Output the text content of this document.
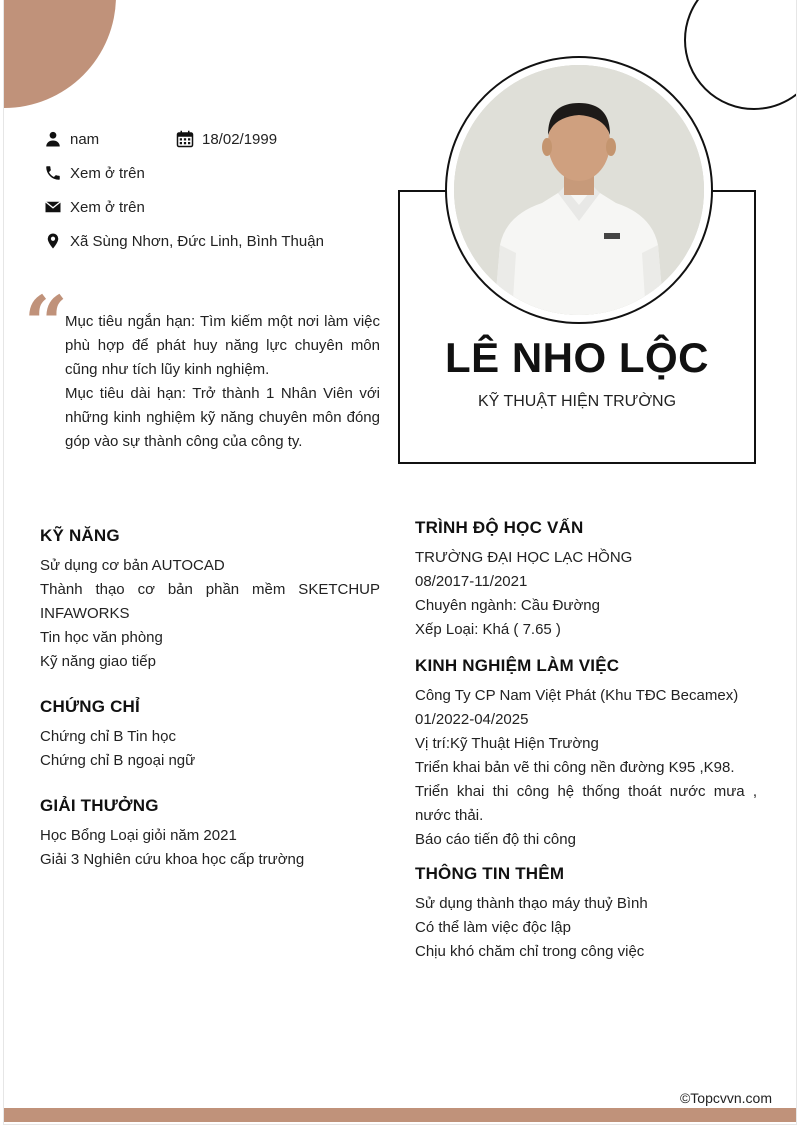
nam	18/02/1999
Xem ở trên
Xem ở trên
Xã Sùng Nhơn, Đức Linh, Bình Thuận
“

Mục tiêu ngắn hạn: Tìm kiếm một nơi làm việc phù hợp để phát huy năng lực chuyên môn cũng như tích lũy kinh nghiệm.

Mục tiêu dài hạn: Trở thành 1 Nhân Viên với những kinh nghiệm kỹ năng chuyên môn đóng góp vào sự thành công của công ty.

LÊ NHO LỘC
KỸ THUẬT HIỆN TRƯỜNG
KỸ NĂNG
Sử dụng cơ bản AUTOCAD
Thành thạo cơ bản phần mềm SKETCHUP INFAWORKS
Tin học văn phòng
Kỹ năng giao tiếp
CHỨNG CHỈ
Chứng chỉ B Tin học
Chứng chỉ B ngoại ngữ
GIẢI THƯỞNG
Học Bổng Loại giỏi năm 2021
Giải 3 Nghiên cứu khoa học cấp trường
TRÌNH ĐỘ HỌC VẤN
TRƯỜNG ĐẠI HỌC LẠC HỒNG
08/2017-11/2021
Chuyên ngành: Cầu Đường
Xếp Loại: Khá ( 7.65 )
KINH NGHIỆM LÀM VIỆC
Công Ty CP Nam Việt Phát (Khu TĐC Becamex)
01/2022-04/2025
Vị trí:Kỹ Thuật Hiện Trường
Triển khai bản vẽ thi công nền đường K95 ,K98.
Triển khai thi công hệ thống thoát nước mưa , nước thải.
Báo cáo tiến độ thi công
THÔNG TIN THÊM
Sử dụng thành thạo máy thuỷ Bình
Có thể làm việc độc lập
Chịu khó chăm chỉ trong công việc
©Topcvvn.com
